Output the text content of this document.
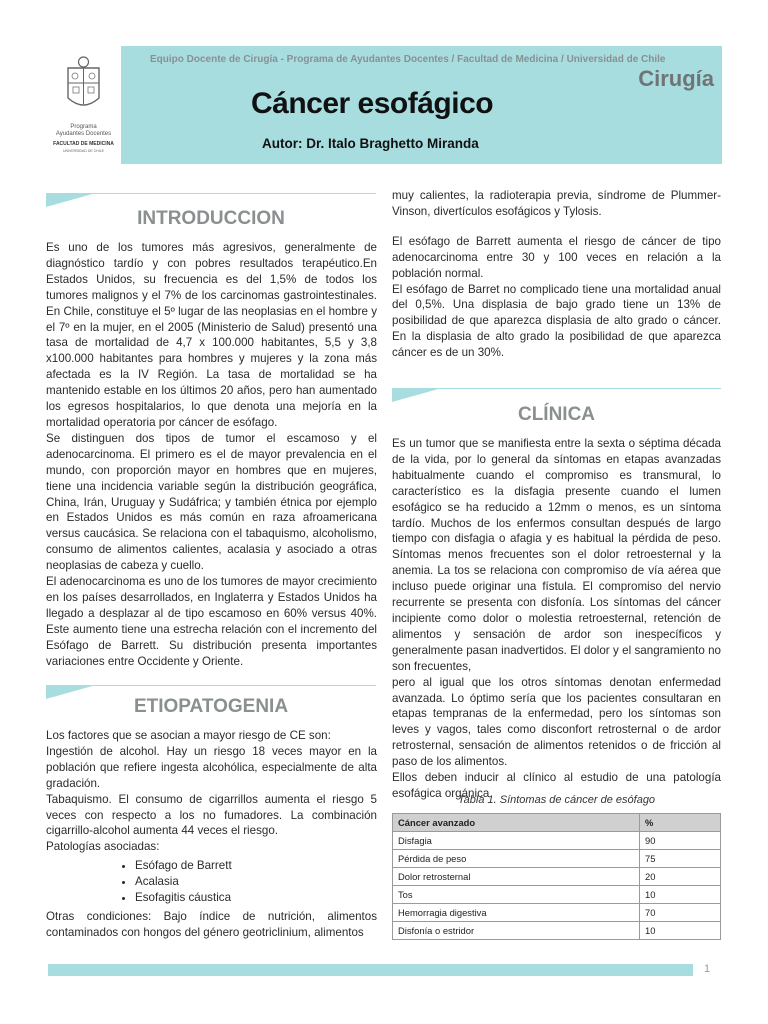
Programa
Ayudantes Docentes
FACULTAD DE MEDICINA
UNIVERSIDAD DE CHILE
Equipo Docente de Cirugía - Programa de Ayudantes Docentes / Facultad de Medicina / Universidad de Chile
Cirugía
Cáncer esofágico
Autor: Dr. Italo Braghetto Miranda
INTRODUCCION

Es uno de los tumores más agresivos, generalmente de diagnóstico tardío y con pobres resultados terapéutico.En Estados Unidos, su frecuencia es del 1,5% de todos los tumores malignos y el 7% de los carcinomas gastrointestinales. En Chile, constituye el 5º lugar de las neoplasias en el hombre y el 7º en la mujer, en el 2005 (Ministerio de Salud) presentó una tasa de mortalidad de 4,7 x 100.000 habitantes, 5,5 y 3,8 x100.000 habitantes para hombres y mujeres y la zona más afectada es la IV Región. La tasa de mortalidad se ha mantenido estable en los últimos 20 años, pero han aumentado los egresos hospitalarios, lo que denota una mejoría en la mortalidad operatoria por cáncer de esófago.

Se distinguen dos tipos de tumor el escamoso y el adenocarcinoma. El primero es el de mayor prevalencia en el mundo, con proporción mayor en hombres que en mujeres, tiene una incidencia variable según la distribución geográfica, China, Irán, Uruguay y Sudáfrica; y también étnica por ejemplo en Estados Unidos es más común en raza afroamericana versus caucásica. Se relaciona con el tabaquismo, alcoholismo, consumo de alimentos calientes, acalasia y asociado a otras neoplasias de cabeza y cuello.

El adenocarcinoma es uno de los tumores de mayor crecimiento en los países desarrollados, en Inglaterra y Estados Unidos ha llegado a desplazar al de tipo escamoso en 60% versus 40%. Este aumento tiene una estrecha relación con el incremento del Esófago de Barrett. Su distribución presenta importantes variaciones entre Occidente y Oriente.

ETIOPATOGENIA

Los factores que se asocian a mayor riesgo de CE son:

Ingestión de alcohol. Hay un riesgo 18 veces mayor en la población que refiere ingesta alcohólica, especialmente de alta gradación.

Tabaquismo. El consumo de cigarrillos aumenta el riesgo 5 veces con respecto a los no fumadores. La combinación cigarrillo-alcohol aumenta 44 veces el riesgo.

Patologías asociadas:

• Esófago de Barrett
• Acalasia
• Esofagitis cáustica

Otras condiciones: Bajo índice de nutrición, alimentos contaminados con hongos del género geotriclinium, alimentos

muy calientes, la radioterapia previa, síndrome de Plummer-Vinson, divertículos esofágicos y Tylosis.

El esófago de Barrett aumenta el riesgo de cáncer de tipo adenocarcinoma entre 30 y 100 veces en relación a la población normal.

El esófago de Barret no complicado tiene una mortalidad anual del 0,5%. Una displasia de bajo grado tiene un 13% de posibilidad de que aparezca displasia de alto grado o cáncer. En la displasia de alto grado la posibilidad de que aparezca cáncer es de un 30%.

CLÍNICA

Es un tumor que se manifiesta entre la sexta o séptima década de la vida, por lo general da síntomas en etapas avanzadas habitualmente cuando el compromiso es transmural, lo característico es la disfagia presente cuando el lumen esofágico se ha reducido a 12mm o menos, es un síntoma tardío. Muchos de los enfermos consultan después de largo tiempo con disfagia o afagia y es habitual la pérdida de peso. Síntomas menos frecuentes son el dolor retroesternal y la anemia. La tos se relaciona con compromiso de vía aérea que incluso puede originar una fístula. El compromiso del nervio recurrente se presenta con disfonía. Los síntomas del cáncer incipiente como dolor o molestia retroesternal, retención de alimentos y sensación de ardor son inespecíficos y generalmente pasan inadvertidos. El dolor y el sangramiento no son frecuentes,

pero al igual que los otros síntomas denotan enfermedad avanzada. Lo óptimo sería que los pacientes consultaran en etapas tempranas de la enfermedad, pero los síntomas son leves y vagos, tales como disconfort retrosternal o de ardor retrosternal, sensación de alimentos retenidos o de fricción al paso de los alimentos.

Ellos deben inducir al clínico al estudio de una patología esofágica orgánica

Tabla 1. Síntomas de cáncer de esófago
Cáncer avanzado	%
Disfagia	90
Pérdida de peso	75
Dolor retrosternal	20
Tos	10
Hemorragia digestiva	70
Disfonía o estridor	10
1
